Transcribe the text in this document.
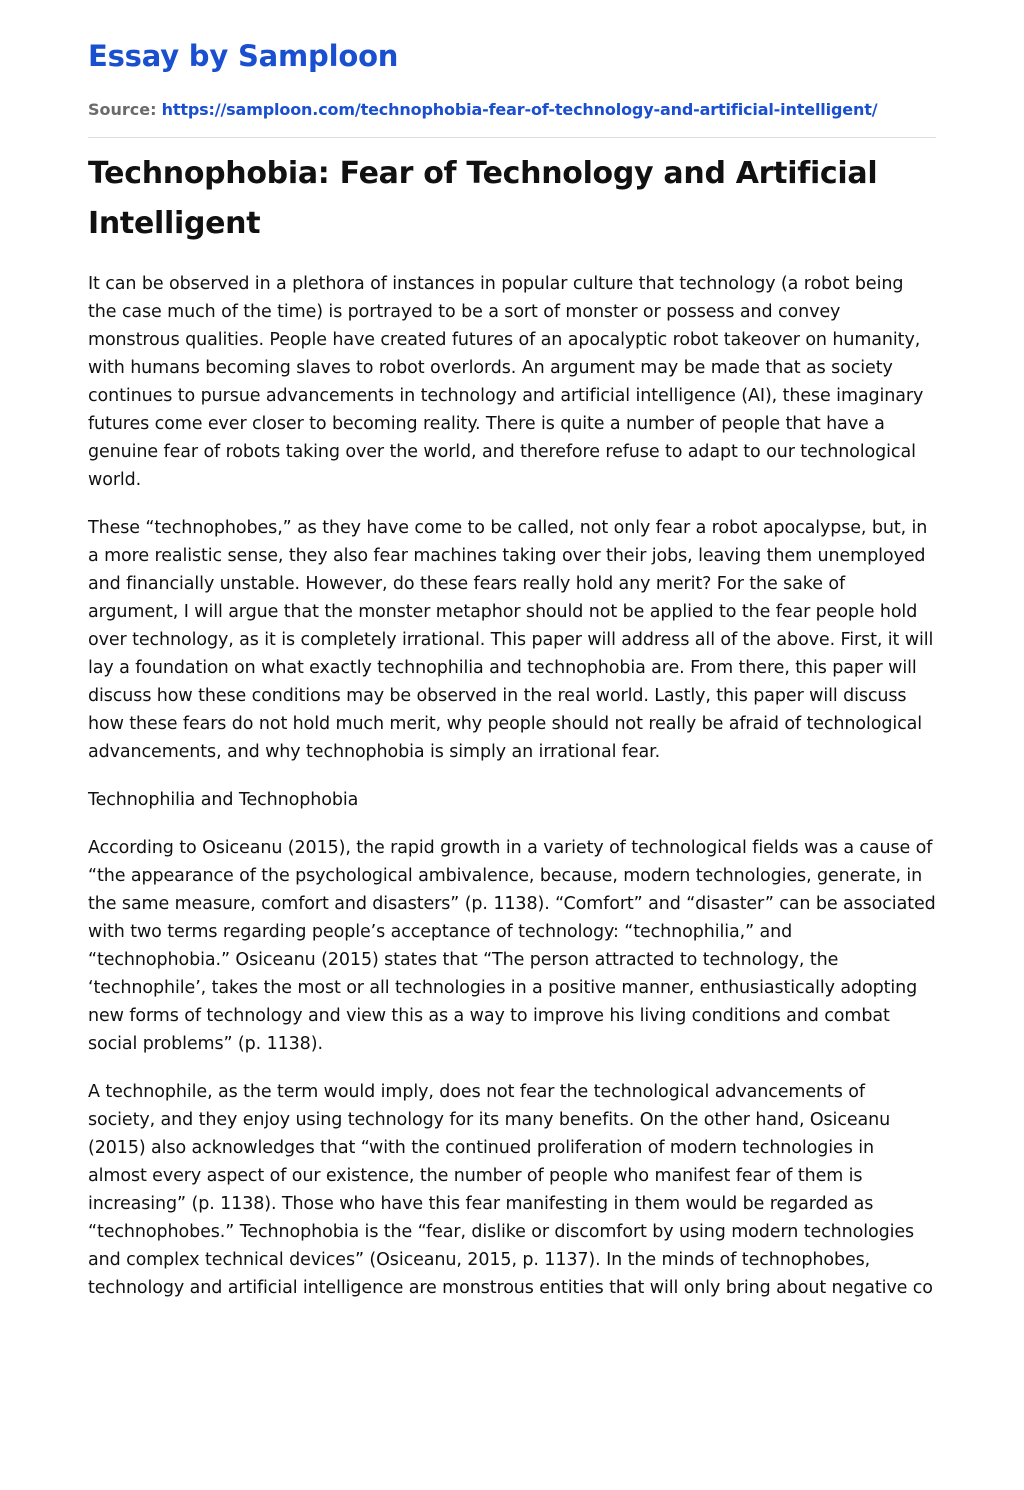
Essay by Samploon
Source: https://samploon.com/technophobia-fear-of-technology-and-artificial-intelligent/
Technophobia: Fear of Technology and Artificial Intelligent

It can be observed in a plethora of instances in popular culture that technology (a robot being the case much of the time) is portrayed to be a sort of monster or possess and convey monstrous qualities. People have created futures of an apocalyptic robot takeover on humanity, with humans becoming slaves to robot overlords. An argument may be made that as society continues to pursue advancements in technology and artificial intelligence (AI), these imaginary futures come ever closer to becoming reality. There is quite a number of people that have a genuine fear of robots taking over the world, and therefore refuse to adapt to our technological world.

These “technophobes,” as they have come to be called, not only fear a robot apocalypse, but, in a more realistic sense, they also fear machines taking over their jobs, leaving them unemployed and financially unstable. However, do these fears really hold any merit? For the sake of argument, I will argue that the monster metaphor should not be applied to the fear people hold over technology, as it is completely irrational. This paper will address all of the above. First, it will lay a foundation on what exactly technophilia and technophobia are. From there, this paper will discuss how these conditions may be observed in the real world. Lastly, this paper will discuss how these fears do not hold much merit, why people should not really be afraid of technological advancements, and why technophobia is simply an irrational fear.

Technophilia and Technophobia

According to Osiceanu (2015), the rapid growth in a variety of technological fields was a cause of “the appearance of the psychological ambivalence, because, modern technologies, generate, in the same measure, comfort and disasters” (p. 1138). “Comfort” and “disaster” can be associated with two terms regarding people’s acceptance of technology: “technophilia,” and “technophobia.” Osiceanu (2015) states that “The person attracted to technology, the ‘technophile’, takes the most or all technologies in a positive manner, enthusiastically adopting new forms of technology and view this as a way to improve his living conditions and combat social problems” (p. 1138).

A technophile, as the term would imply, does not fear the technological advancements of society, and they enjoy using technology for its many benefits. On the other hand, Osiceanu (2015) also acknowledges that “with the continued proliferation of modern technologies in almost every aspect of our existence, the number of people who manifest fear of them is increasing” (p. 1138). Those who have this fear manifesting in them would be regarded as “technophobes.” Technophobia is the “fear, dislike or discomfort by using modern technologies and complex technical devices” (Osiceanu, 2015, p. 1137). In the minds of technophobes, technology and artificial intelligence are monstrous entities that will only bring about negative co
